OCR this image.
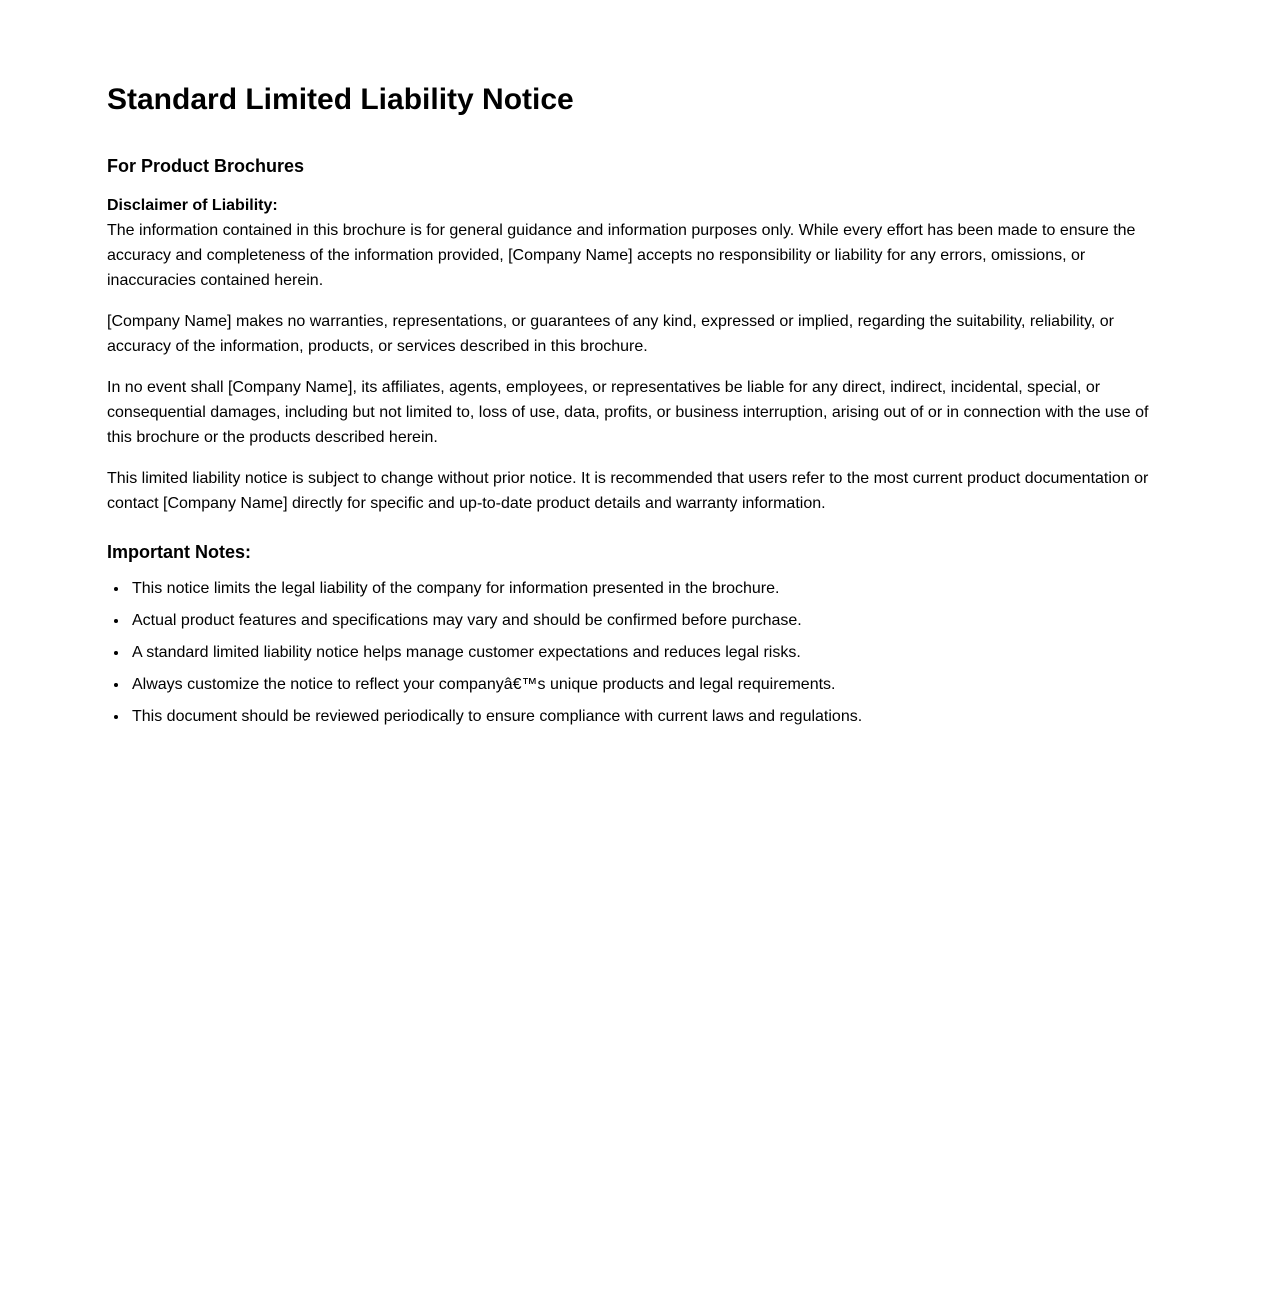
Standard Limited Liability Notice
For Product Brochures

Disclaimer of Liability:
The information contained in this brochure is for general guidance and information purposes only. While every effort has been made to ensure the accuracy and completeness of the information provided, [Company Name] accepts no responsibility or liability for any errors, omissions, or inaccuracies contained herein.

[Company Name] makes no warranties, representations, or guarantees of any kind, expressed or implied, regarding the suitability, reliability, or accuracy of the information, products, or services described in this brochure.

In no event shall [Company Name], its affiliates, agents, employees, or representatives be liable for any direct, indirect, incidental, special, or consequential damages, including but not limited to, loss of use, data, profits, or business interruption, arising out of or in connection with the use of this brochure or the products described herein.

This limited liability notice is subject to change without prior notice. It is recommended that users refer to the most current product documentation or contact [Company Name] directly for specific and up-to-date product details and warranty information.

Important Notes:
• This notice limits the legal liability of the company for information presented in the brochure.
• Actual product features and specifications may vary and should be confirmed before purchase.
• A standard limited liability notice helps manage customer expectations and reduces legal risks.
• Always customize the notice to reflect your companyâ€™s unique products and legal requirements.
• This document should be reviewed periodically to ensure compliance with current laws and regulations.
